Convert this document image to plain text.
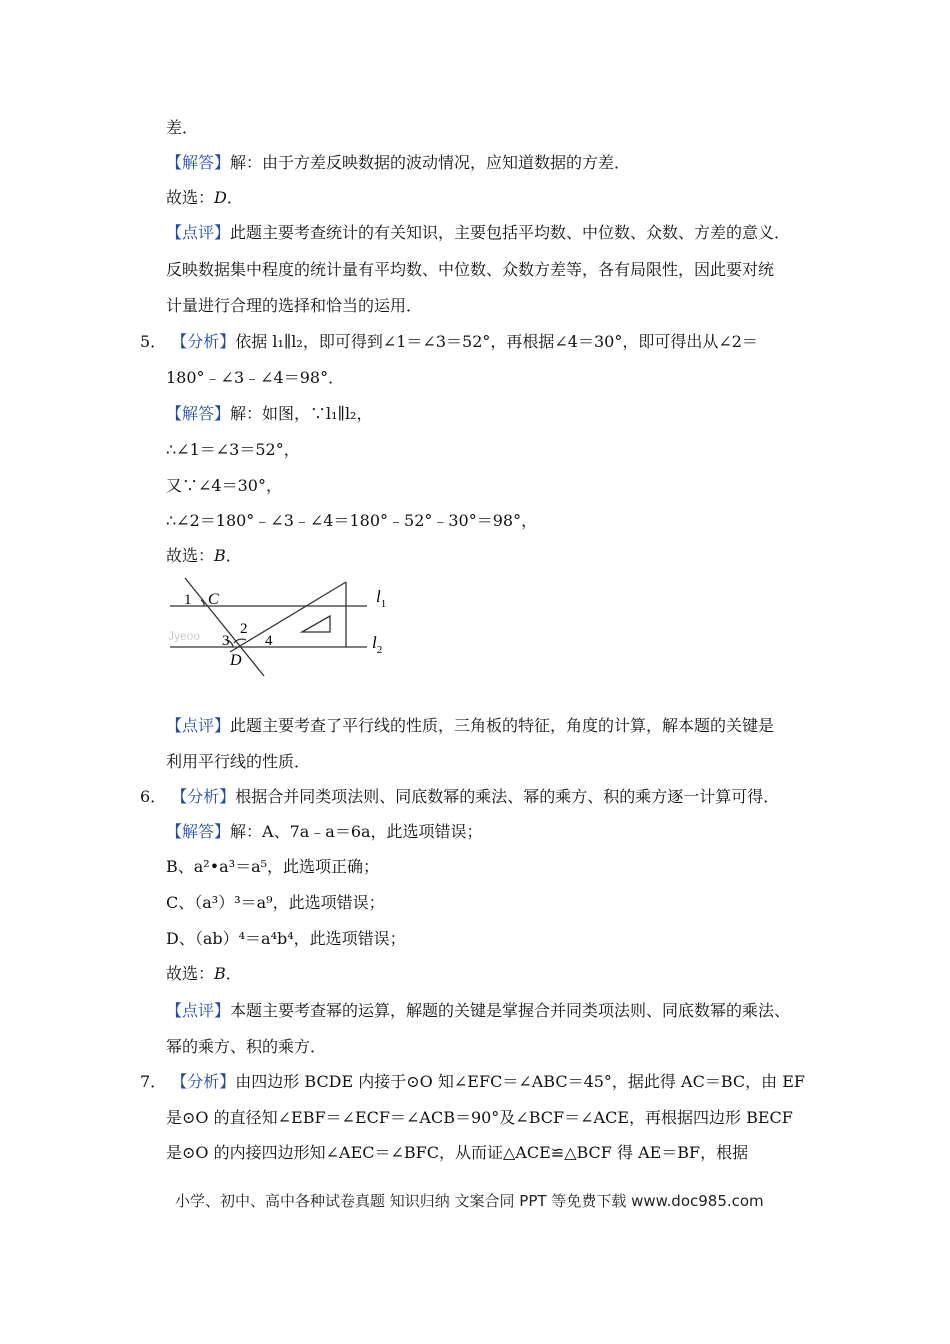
差．
【解答】解：由于方差反映数据的波动情况，应知道数据的方差．
故选：D．
【点评】此题主要考查统计的有关知识，主要包括平均数、中位数、众数、方差的意义．
反映数据集中程度的统计量有平均数、中位数、众数方差等，各有局限性，因此要对统
计量进行合理的选择和恰当的运用．
5． 【分析】依据 l₁∥l₂，即可得到∠1＝∠3＝52°，再根据∠4＝30°，即可得出从∠2＝
180°﹣∠3﹣∠4＝98°．
【解答】解：如图，∵l₁∥l₂，
∴∠1＝∠3＝52°，
又∵∠4＝30°，
∴∠2＝180°﹣∠3﹣∠4＝180°﹣52°﹣30°＝98°，
故选：B．
1 C
2
3 4
D
$l_1$
$l_2$
Jyeoo
【点评】此题主要考查了平行线的性质，三角板的特征，角度的计算，解本题的关键是
利用平行线的性质．
6． 【分析】根据合并同类项法则、同底数幂的乘法、幂的乘方、积的乘方逐一计算可得．
【解答】解：A、7a﹣a＝6a，此选项错误；
B、a²•a³＝a⁵，此选项正确；
C、（a³）³＝a⁹，此选项错误；
D、（ab）⁴＝a⁴b⁴，此选项错误；
故选：B．
【点评】本题主要考查幂的运算，解题的关键是掌握合并同类项法则、同底数幂的乘法、
幂的乘方、积的乘方．
7． 【分析】由四边形 BCDE 内接于⊙O 知∠EFC＝∠ABC＝45°，据此得 AC＝BC，由 EF
是⊙O 的直径知∠EBF＝∠ECF＝∠ACB＝90°及∠BCF＝∠ACE，再根据四边形 BECF
是⊙O 的内接四边形知∠AEC＝∠BFC，从而证△ACE≌△BCF 得 AE＝BF，根据
小学、初中、高中各种试卷真题 知识归纳 文案合同 PPT 等免费下载 www.doc985.com
